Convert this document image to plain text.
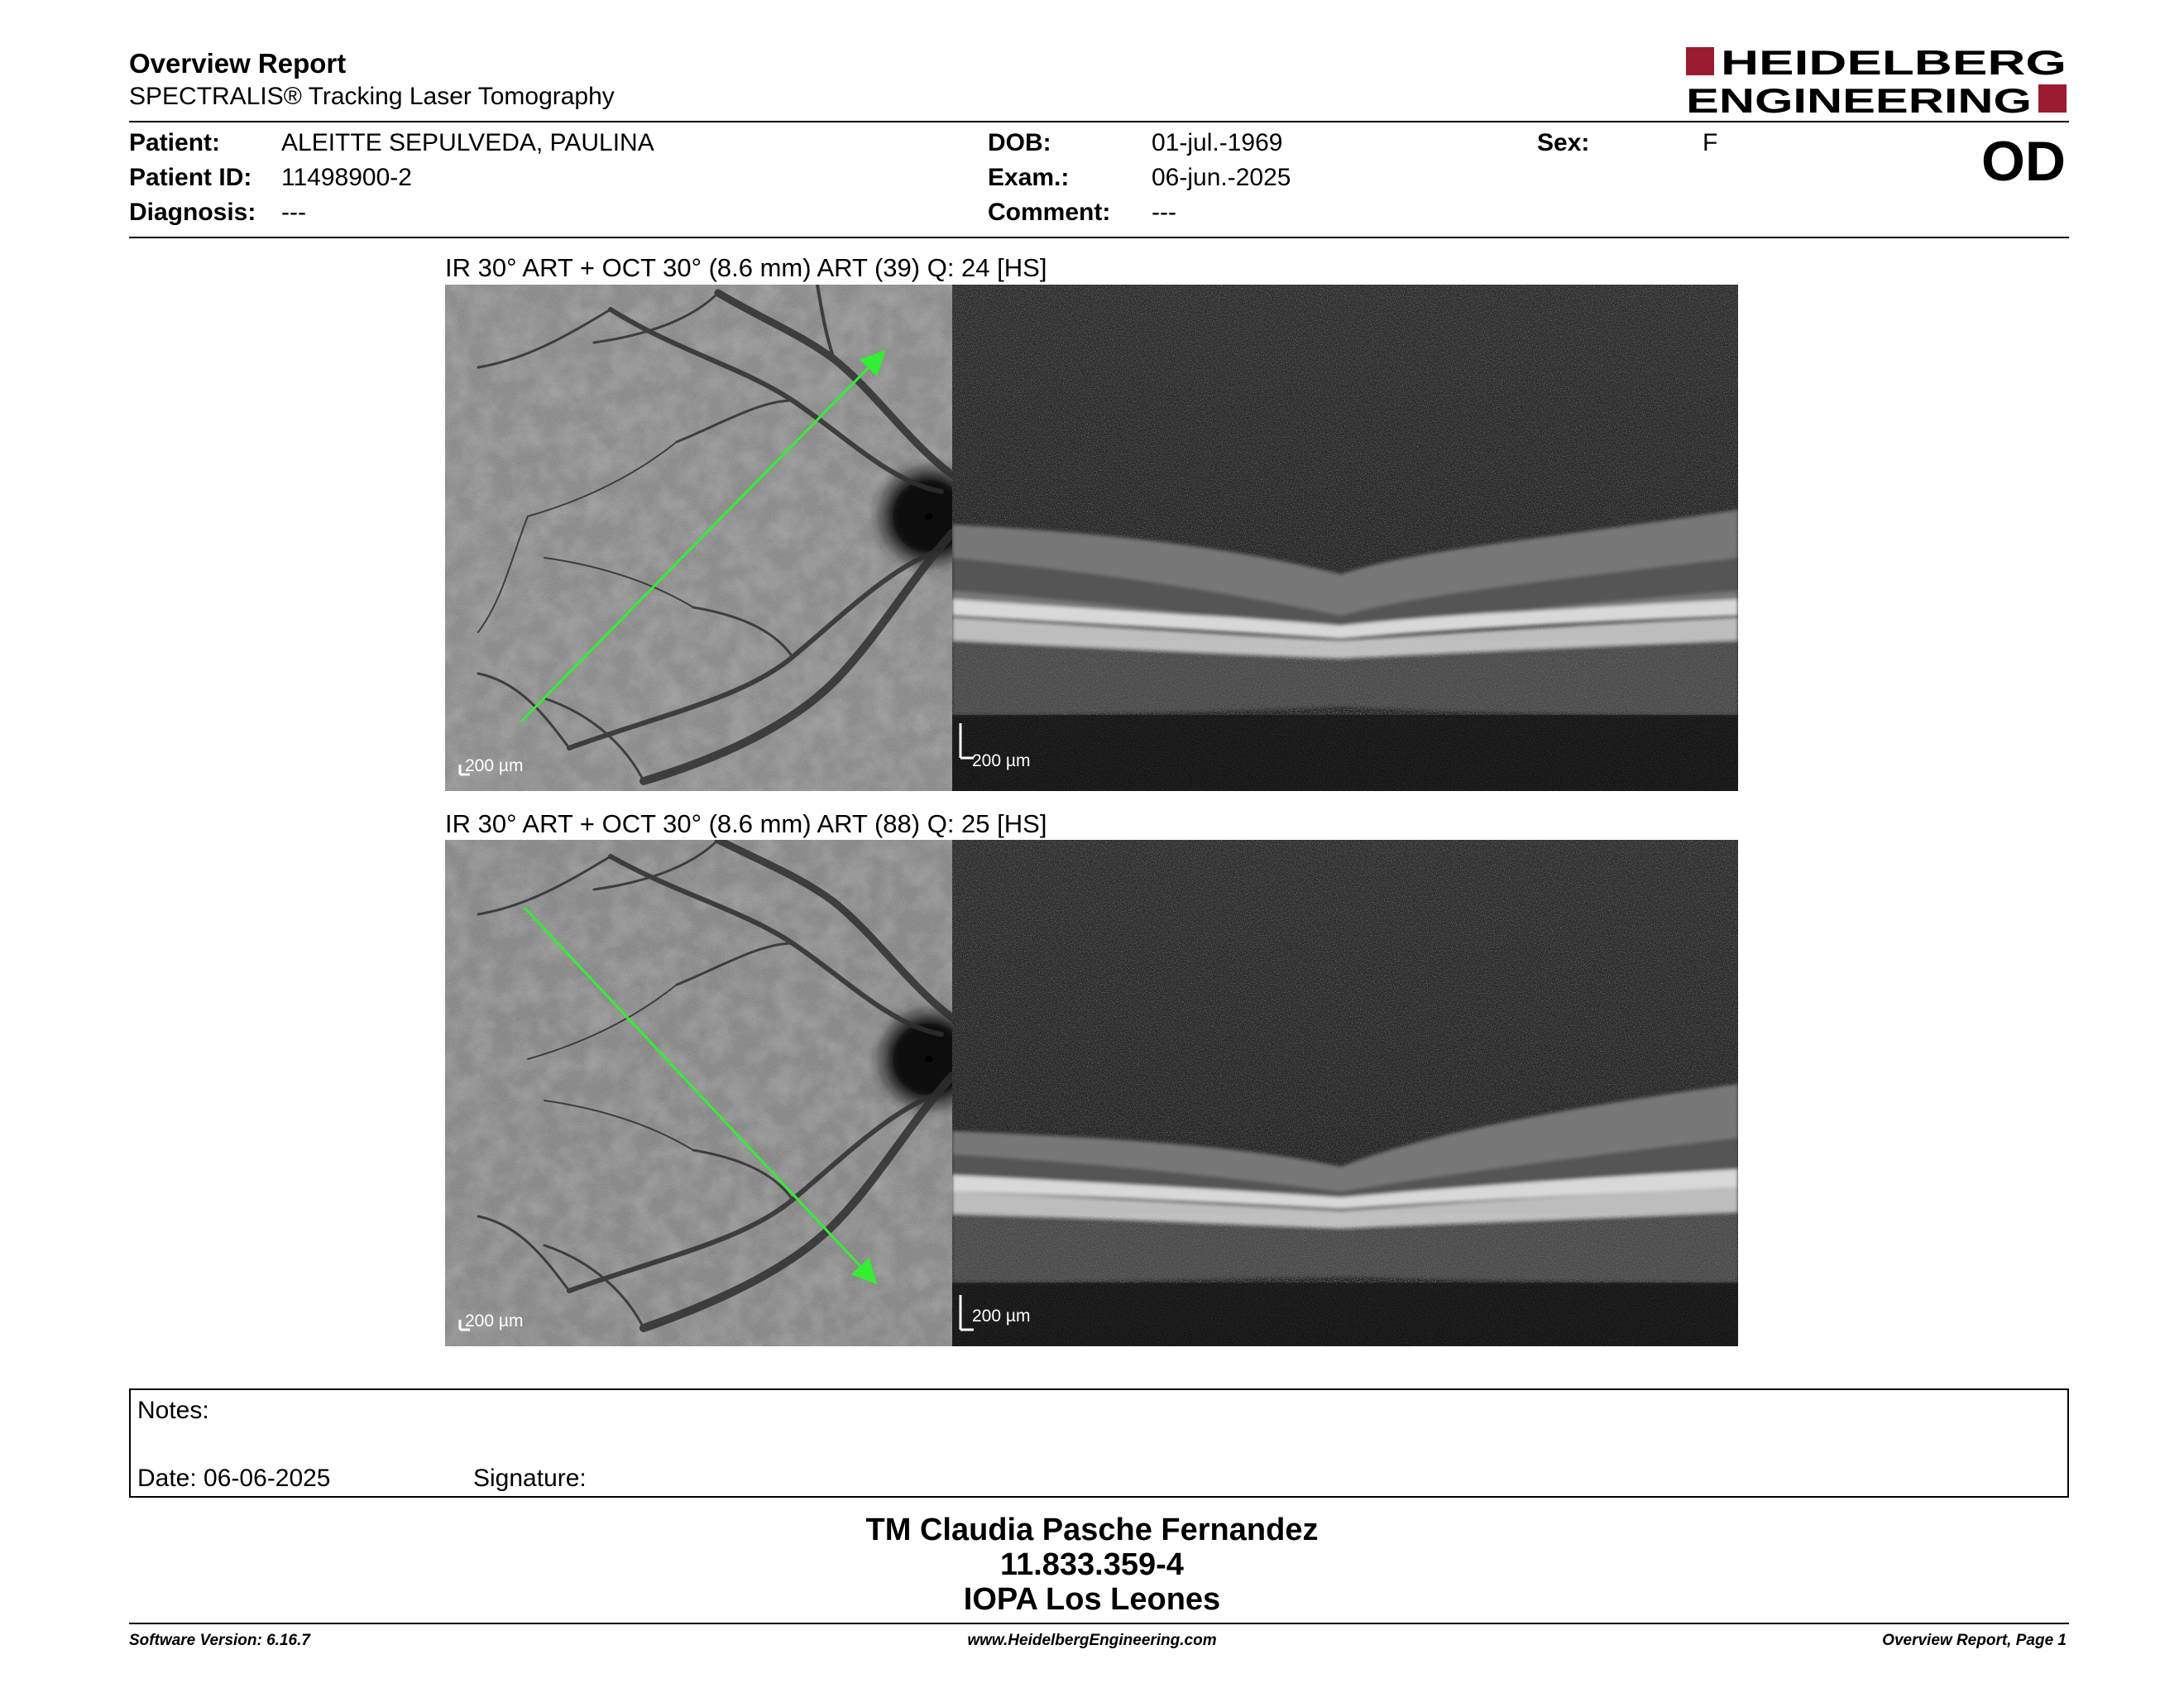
Overview Report
SPECTRALIS® Tracking Laser Tomography
HEIDELBERG
ENGINEERING
Patient: ALEITTE SEPULVEDA, PAULINA
Patient ID: 11498900-2
Diagnosis: ---
DOB:	01-jul.-1969
Exam.:	06-jun.-2025
Comment: ---
Sex:	F	OD
IR 30° ART + OCT 30° (8.6 mm) ART (39) Q: 24 [HS]
200 µm	200 µm
IR 30° ART + OCT 30° (8.6 mm) ART (88) Q: 25 [HS]
200 µm	200 µm
Notes:
Date: 06-06-2025	Signature:
TM Claudia Pasche Fernandez
11.833.359-4
IOPA Los Leones
Software Version: 6.16.7	www.HeidelbergEngineering.com	Overview Report, Page 1
